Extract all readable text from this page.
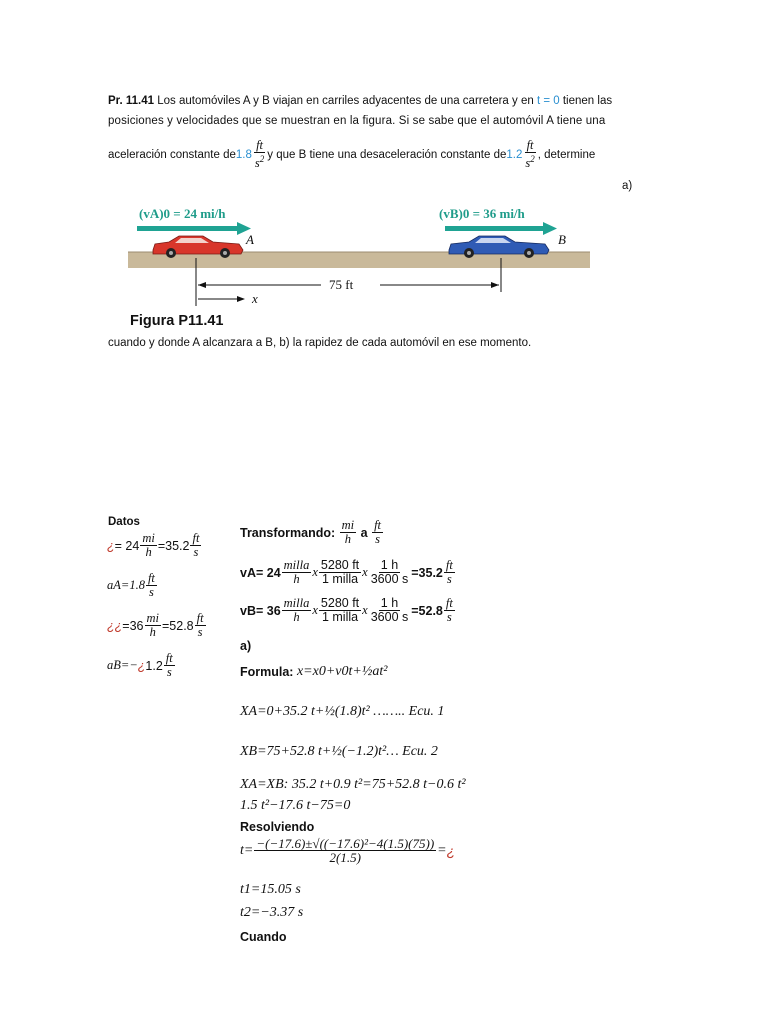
Pr. 11.41 Los automóviles A y B viajan en carriles adyacentes de una carretera y en t = 0 tienen las
posiciones y velocidades que se muestran en la figura. Si se sabe que el automóvil A tiene una
aceleración constante de $1.8 \frac{ft}{s^2}$ y que B tiene una desaceleración constante de $1.2 \frac{ft}{s^2}$ , determine
a)
(vA)0 = 24 mi/h	(vB)0 = 36 mi/h
A	B
75 ft
x
Figura P11.41
cuando y donde A alcanzara a B, b) la rapidez de cada automóvil en ese momento.
Datos
¿ = $24 \frac{mi}{h} =35.2 \frac{ft}{s}$
$aA=1.8 \frac{ft}{s}$
¿¿ $=36 \frac{mi}{h} =52.8 \frac{ft}{s}$
aB=− ¿ $1.2 \frac{ft}{s}$
Transformando:
$\frac{mi}{h}$
a
$\frac{ft}{s}$
$vA= 24 \frac{\text{milla}}{h}$ x $\frac{5280 ft}{\text{1 milla}}$ x $\frac{1 h}{3600 s} =35.2 \frac{ft}{s}$
$vB= 36 \frac{\text{milla}}{h}$ x $\frac{5280 ft}{\text{1 milla}}$ x $\frac{1 h}{3600 s} =52.8 \frac{ft}{s}$
a)
Formula:
x=x0+v0t+½at²
XA=0+35.2 t+½(1.8)t² …….. Ecu. 1
XB=75+52.8 t+½(−1.2)t²… Ecu. 2
XA=XB: 35.2 t+0.9 t²=75+52.8 t−0.6 t²
1.5 t²−17.6 t−75=0
Resolviendo
$t= \frac{\text{−(−17.6)±√((−17.6)²−4(1.5)(75))}}{2(1.5)}$ = ¿
t1=15.05 s
t2=−3.37 s
Cuando
